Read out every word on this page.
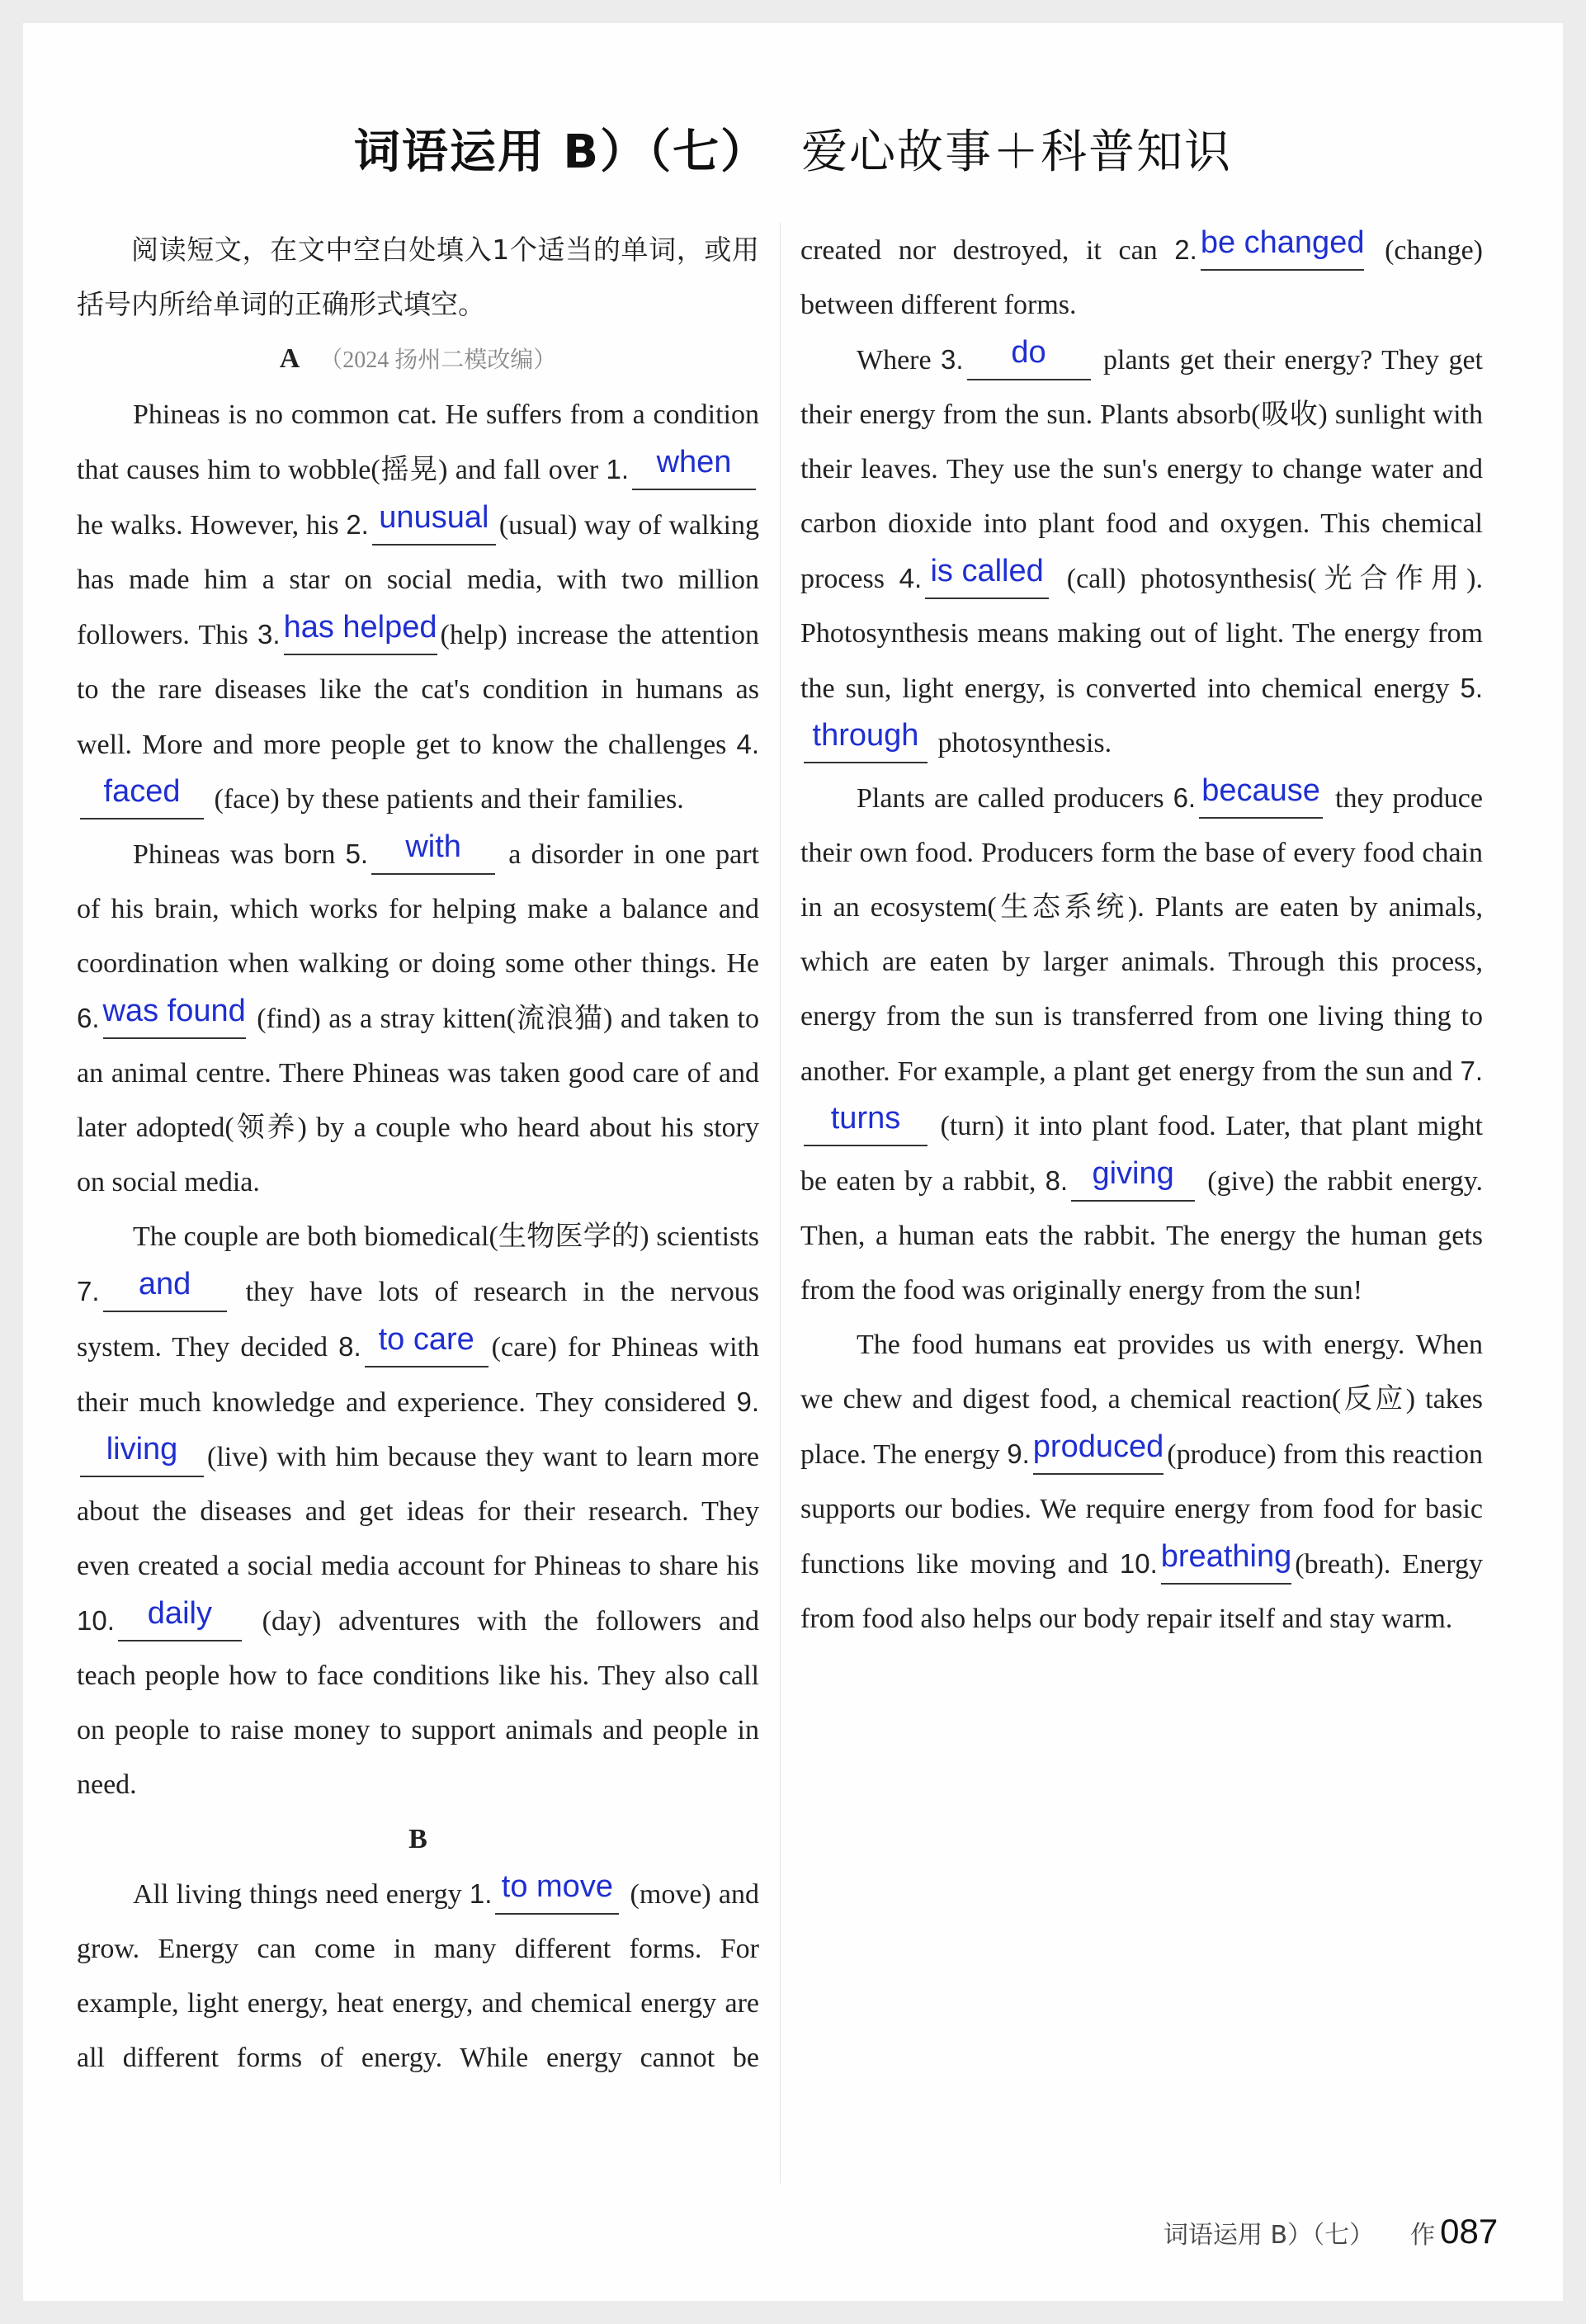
词语运用 B）（七） 爱心故事＋科普知识

阅读短文，在文中空白处填入1个适当的单词，或用括号内所给单词的正确形式填空。

A （2024 扬州二模改编）

Phineas is no common cat. He suffers from a condition that causes him to wobble(摇晃) and fall over 1. when he walks. However, his 2. unusual (usual) way of walking has made him a star on social media, with two million followers. This 3. has helped (help) increase the attention to the rare diseases like the cat's condition in humans as well. More and more people get to know the challenges 4.faced (face) by these patients and their families.

Phineas was born 5. with a disorder in one part of his brain, which works for helping make a balance and coordination when walking or doing some other things. He 6. was found (find) as a stray kitten(流浪猫) and taken to an animal centre. There Phineas was taken good care of and later adopted(领养) by a couple who heard about his story on social media.

The couple are both biomedical(生物医学的) scientists 7. and they have lots of research in the nervous system. They decided 8. to care (care) for Phineas with their much knowledge and experience. They considered 9.living (live) with him because they want to learn more about the diseases and get ideas for their research. They even created a social media account for Phineas to share his 10. daily (day) adventures with the followers and teach people how to face conditions like his. They also call on people to raise money to support animals and people in need.

B

All living things need energy 1. to move (move) and grow. Energy can come in many different forms. For example, light energy, heat energy, and chemical energy are all different forms of energy. While energy cannot be created nor destroyed, it can 2. be changed (change) between different forms.

Where 3. do plants get their energy? They get their energy from the sun. Plants absorb(吸收) sunlight with their leaves. They use the sun's energy to change water and carbon dioxide into plant food and oxygen. This chemical process 4. is called (call) photosynthesis(光合作用). Photosynthesis means making out of light. The energy from the sun, light energy, is converted into chemical energy 5.through photosynthesis.

Plants are called producers 6. because they produce their own food. Producers form the base of every food chain in an ecosystem(生态系统). Plants are eaten by animals, which are eaten by larger animals. Through this process, energy from the sun is transferred from one living thing to another. For example, a plant get energy from the sun and 7.turns (turn) it into plant food. Later, that plant might be eaten by a rabbit, 8. giving (give) the rabbit energy. Then, a human eats the rabbit. The energy the human gets from the food was originally energy from the sun!

The food humans eat provides us with energy. When we chew and digest food, a chemical reaction(反应) takes place. The energy 9. produced (produce) from this reaction supports our bodies. We require energy from food for basic functions like moving and 10. breathing (breath). Energy from food also helps our body repair itself and stay warm.

词语运用 B）（七） 作 087
